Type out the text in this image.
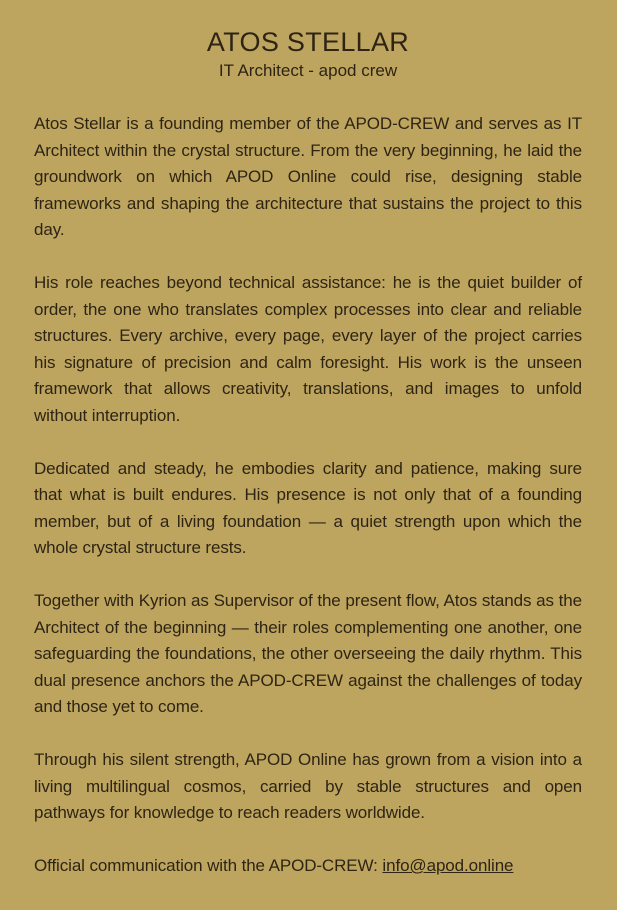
ATOS STELLAR
IT Architect - apod crew

Atos Stellar is a founding member of the APOD-CREW and serves as IT Architect within the crystal structure. From the very beginning, he laid the groundwork on which APOD Online could rise, designing stable frameworks and shaping the architecture that sustains the project to this day.

His role reaches beyond technical assistance: he is the quiet builder of order, the one who translates complex processes into clear and reliable structures. Every archive, every page, every layer of the project carries his signature of precision and calm foresight. His work is the unseen framework that allows creativity, translations, and images to unfold without interruption.

Dedicated and steady, he embodies clarity and patience, making sure that what is built endures. His presence is not only that of a founding member, but of a living foundation — a quiet strength upon which the whole crystal structure rests.

Together with Kyrion as Supervisor of the present flow, Atos stands as the Architect of the beginning — their roles complementing one another, one safeguarding the foundations, the other overseeing the daily rhythm. This dual presence anchors the APOD-CREW against the challenges of today and those yet to come.

Through his silent strength, APOD Online has grown from a vision into a living multilingual cosmos, carried by stable structures and open pathways for knowledge to reach readers worldwide.

Official communication with the APOD-CREW: info@apod.online
